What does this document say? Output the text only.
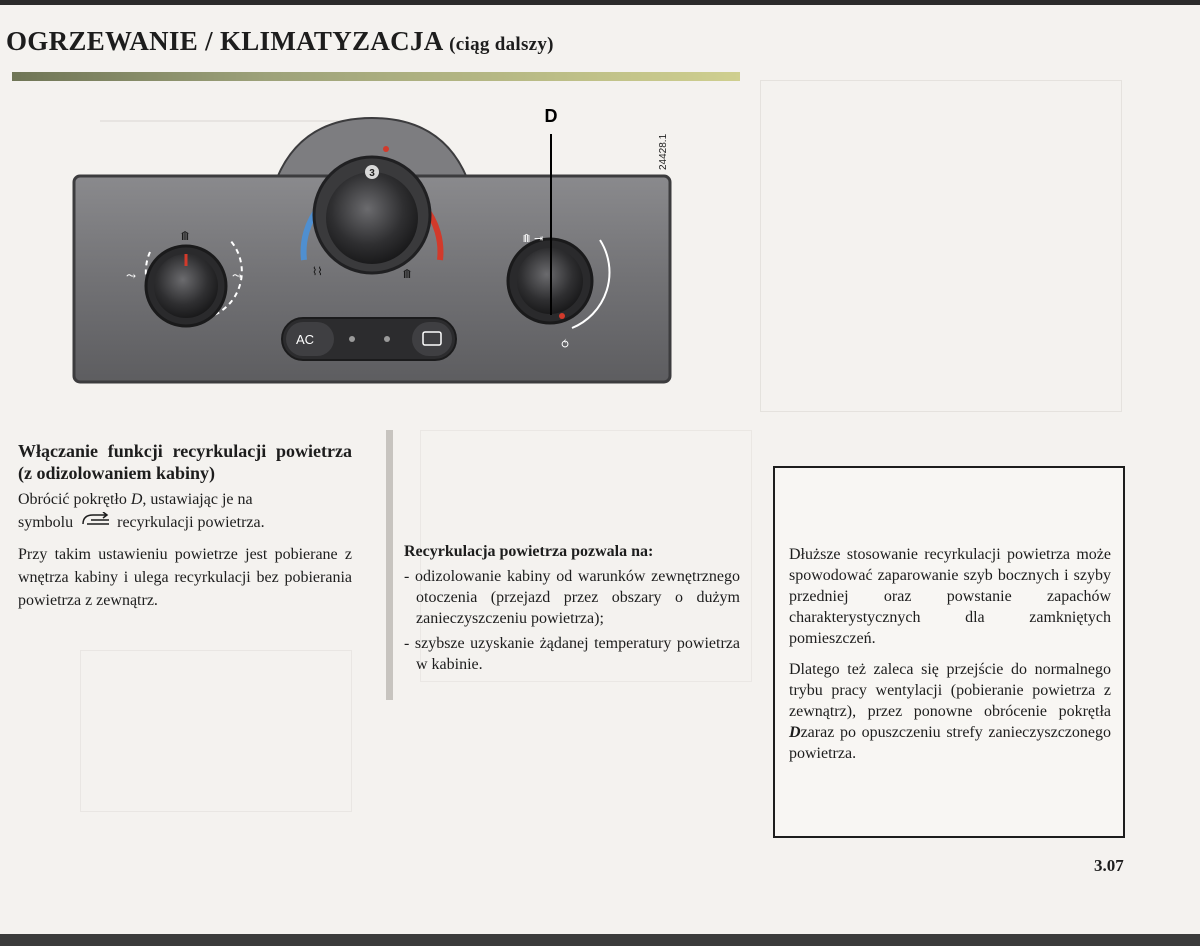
OGRZEWANIE / KLIMATYZACJA (ciąg dalszy)
3
⌇⌇	⟰
⟰
⤳	⤳
⟰ ⇥
⥀
D
24428.1
AC
Włączanie funkcji recyrkulacji powietrza (z odizolowaniem kabiny)

Obrócić pokrętło D, ustawiając je na
symbolu	recyrkulacji powietrza.

Przy takim ustawieniu powietrze jest pobierane z wnętrza kabiny i ulega recyrkulacji bez pobierania powietrza z zewnątrz.

Recyrkulacja powietrza pozwala na:
- odizolowanie kabiny od warunków zewnętrznego otoczenia (przejazd przez obszary o dużym zanieczyszczeniu powietrza);
- szybsze uzyskanie żądanej temperatury powietrza w kabinie.

Dłuższe stosowanie recyrkulacji powietrza może spowodować zaparowanie szyb bocznych i szyby przedniej oraz powstanie zapachów charakterystycznych dla zamkniętych pomieszczeń.

Dlatego też zaleca się przejście do normalnego trybu pracy wentylacji (pobieranie powietrza z zewnątrz), przez ponowne obrócenie pokrętła Dzaraz po opuszczeniu strefy zanieczyszczonego powietrza.

3.07
